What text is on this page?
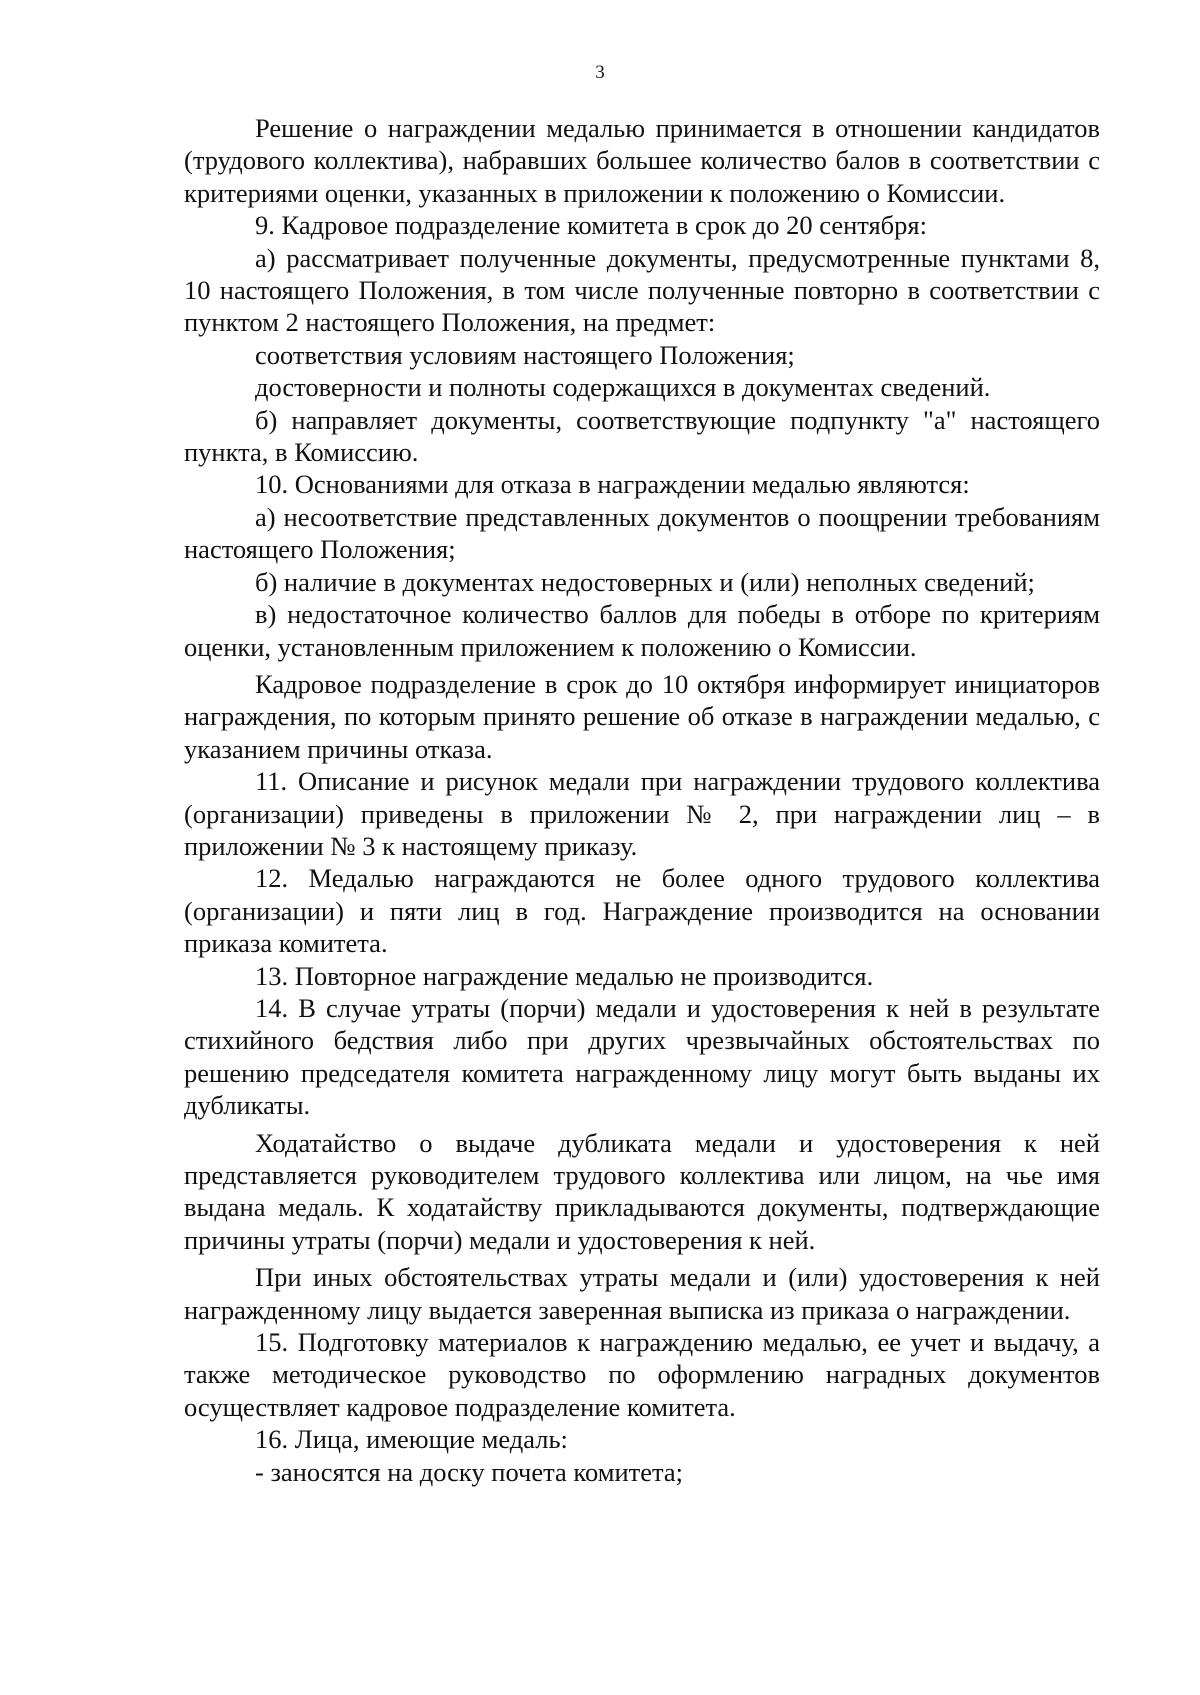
3

Решение о награждении медалью принимается в отношении кандидатов (трудового коллектива), набравших большее количество балов в соответствии с критериями оценки, указанных в приложении к положению о Комиссии.

9. Кадровое подразделение комитета в срок до 20 сентября:

а) рассматривает полученные документы, предусмотренные пунктами 8, 10 настоящего Положения, в том числе полученные повторно в соответствии с пунктом 2 настоящего Положения, на предмет:

соответствия условиям настоящего Положения;

достоверности и полноты содержащихся в документах сведений.

б) направляет документы, соответствующие подпункту "а" настоящего пункта, в Комиссию.

10. Основаниями для отказа в награждении медалью являются:

а) несоответствие представленных документов о поощрении требованиям настоящего Положения;

б) наличие в документах недостоверных и (или) неполных сведений;

в) недостаточное количество баллов для победы в отборе по критериям оценки, установленным приложением к положению о Комиссии.

Кадровое подразделение в срок до 10 октября информирует инициаторов награждения, по которым принято решение об отказе в награждении медалью, с указанием причины отказа.

11. Описание и рисунок медали при награждении трудового коллектива (организации) приведены в приложении № 2, при награждении лиц – в приложении № 3 к настоящему приказу.

12. Медалью награждаются не более одного трудового коллектива (организации) и пяти лиц в год. Награждение производится на основании приказа комитета.

13. Повторное награждение медалью не производится.

14. В случае утраты (порчи) медали и удостоверения к ней в результате стихийного бедствия либо при других чрезвычайных обстоятельствах по решению председателя комитета награжденному лицу могут быть выданы их дубликаты.

Ходатайство о выдаче дубликата медали и удостоверения к ней представляется руководителем трудового коллектива или лицом, на чье имя выдана медаль. К ходатайству прикладываются документы, подтверждающие причины утраты (порчи) медали и удостоверения к ней.

При иных обстоятельствах утраты медали и (или) удостоверения к ней награжденному лицу выдается заверенная выписка из приказа о награждении.

15. Подготовку материалов к награждению медалью, ее учет и выдачу, а также методическое руководство по оформлению наградных документов осуществляет кадровое подразделение комитета.

16. Лица, имеющие медаль:

- заносятся на доску почета комитета;
